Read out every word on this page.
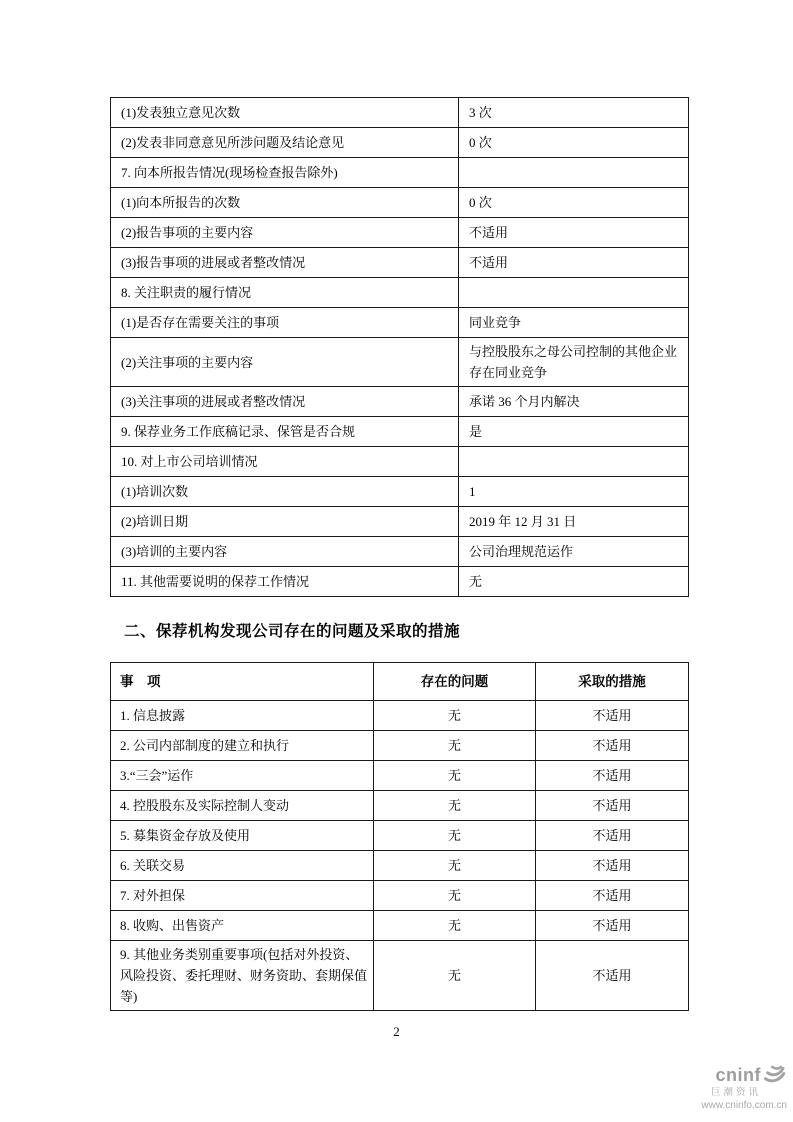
(1)发表独立意见次数	3 次
(2)发表非同意意见所涉问题及结论意见	0 次
7. 向本所报告情况(现场检查报告除外)	
(1)向本所报告的次数	0 次
(2)报告事项的主要内容	不适用
(3)报告事项的进展或者整改情况	不适用
8. 关注职责的履行情况	
(1)是否存在需要关注的事项	同业竞争
(2)关注事项的主要内容	与控股股东之母公司控制的其他企业存在同业竞争
(3)关注事项的进展或者整改情况	承诺 36 个月内解决
9. 保荐业务工作底稿记录、保管是否合规	是
10. 对上市公司培训情况	
(1)培训次数	1
(2)培训日期	2019 年 12 月 31 日
(3)培训的主要内容	公司治理规范运作
11. 其他需要说明的保荐工作情况	无
二、保荐机构发现公司存在的问题及采取的措施
事　项	存在的问题	采取的措施
1. 信息披露	无	不适用
2. 公司内部制度的建立和执行	无	不适用
3.“三会”运作	无	不适用
4. 控股股东及实际控制人变动	无	不适用
5. 募集资金存放及使用	无	不适用
6. 关联交易	无	不适用
7. 对外担保	无	不适用
8. 收购、出售资产	无	不适用
9. 其他业务类别重要事项(包括对外投资、风险投资、委托理财、财务资助、套期保值等)	无	不适用
2
cninf
巨潮资讯
www.cninfo.com.cn
